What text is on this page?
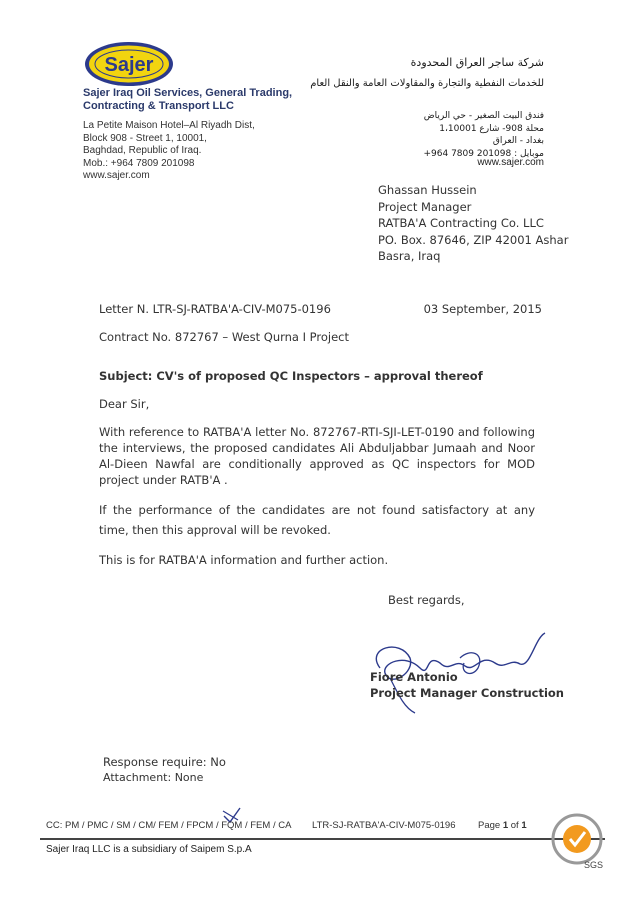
Sajer
Sajer Iraq Oil Services, General Trading,
Contracting & Transport LLC
La Petite Maison Hotel–Al Riyadh Dist,
Block 908 - Street 1, 10001,
Baghdad, Republic of Iraq.
Mob.: +964 7809 201098
www.sajer.com
شركة ساجر العراق المحدودة
للخدمات النفطية والتجارة والمقاولات العامة والنقل العام
فندق البيت الصغير - حي الرياض
محلة 908- شارع 1،10001
بغداد - العراق
موبايل : 201098 7809 964+
www.sajer.com
Ghassan Hussein
Project Manager
RATBA'A Contracting Co. LLC
PO. Box. 87646, ZIP 42001 Ashar
Basra, Iraq
Letter N. LTR-SJ-RATBA'A-CIV-M075-0196	03 September, 2015
Contract No. 872767 – West Qurna I Project
Subject: CV's of proposed QC Inspectors – approval thereof
Dear Sir,
With reference to RATBA'A letter No. 872767-RTI-SJI-LET-0190 and following the interviews, the proposed candidates Ali Abduljabbar Jumaah and Noor Al-Dieen Nawfal are conditionally approved as QC inspectors for MOD project under RATB'A .
If the performance of the candidates are not found satisfactory at any time, then this approval will be revoked.
This is for RATBA'A information and further action.
Best regards,
Fiore Antonio
Project Manager Construction
Response require: No
Attachment: None
CC: PM / PMC / SM / CM/ FEM / FPCM / FQM / FEM / CA LTR-SJ-RATBA'A-CIV-M075-0196 Page 1 of 1
Sajer Iraq LLC is a subsidiary of Saipem S.p.A
SGS
